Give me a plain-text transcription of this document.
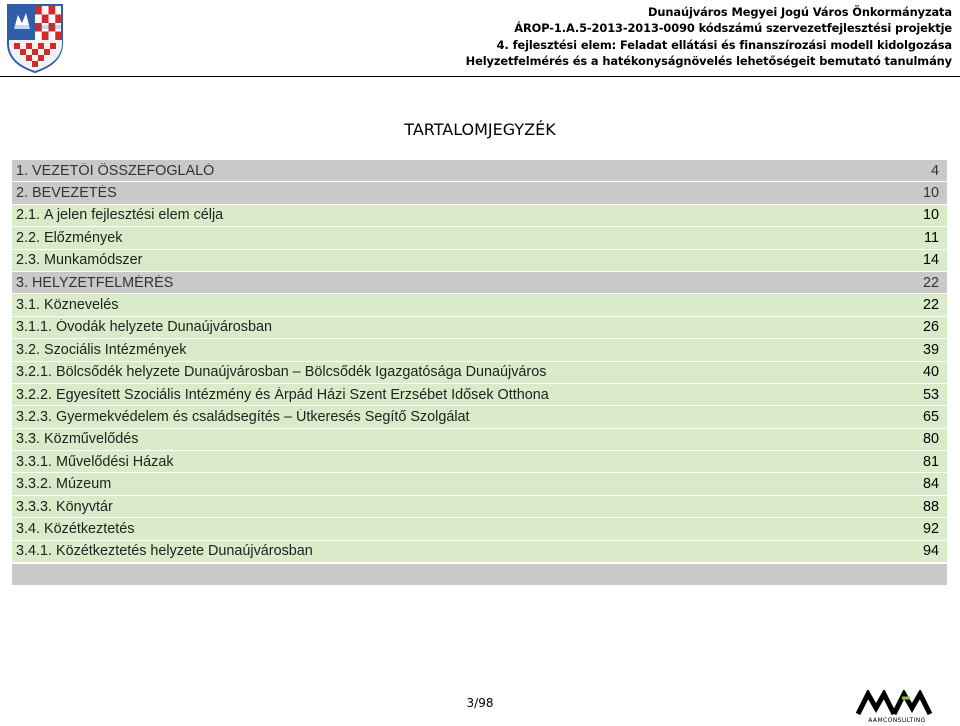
Dunaújváros Megyei Jogú Város Önkormányzata
ÁROP-1.A.5-2013-2013-0090 kódszámú szervezetfejlesztési projektje
4. fejlesztési elem: Feladat ellátási és finanszírozási modell kidolgozása
Helyzetfelmérés és a hatékonyságnövelés lehetőségeit bemutató tanulmány
TARTALOMJEGYZÉK
1. VEZETŐI ÖSSZEFOGLALÓ	4
2. BEVEZETÉS	10
2.1. A jelen fejlesztési elem célja	10
2.2. Előzmények	11
2.3. Munkamódszer	14
3. HELYZETFELMÉRÉS	22
3.1. Köznevelés	22
3.1.1. Óvodák helyzete Dunaújvárosban	26
3.2. Szociális Intézmények	39
3.2.1. Bölcsődék helyzete Dunaújvárosban – Bölcsődék Igazgatósága Dunaújváros	40
3.2.2. Egyesített Szociális Intézmény és Árpád Házi Szent Erzsébet Idősek Otthona	53
3.2.3. Gyermekvédelem és családsegítés – Útkeresés Segítő Szolgálat	65
3.3. Közművelődés	80
3.3.1. Művelődési Házak	81
3.3.2. Múzeum	84
3.3.3. Könyvtár	88
3.4. Közétkeztetés	92
3.4.1. Közétkeztetés helyzete Dunaújvárosban	94
3/98
AAMCONSULTING
